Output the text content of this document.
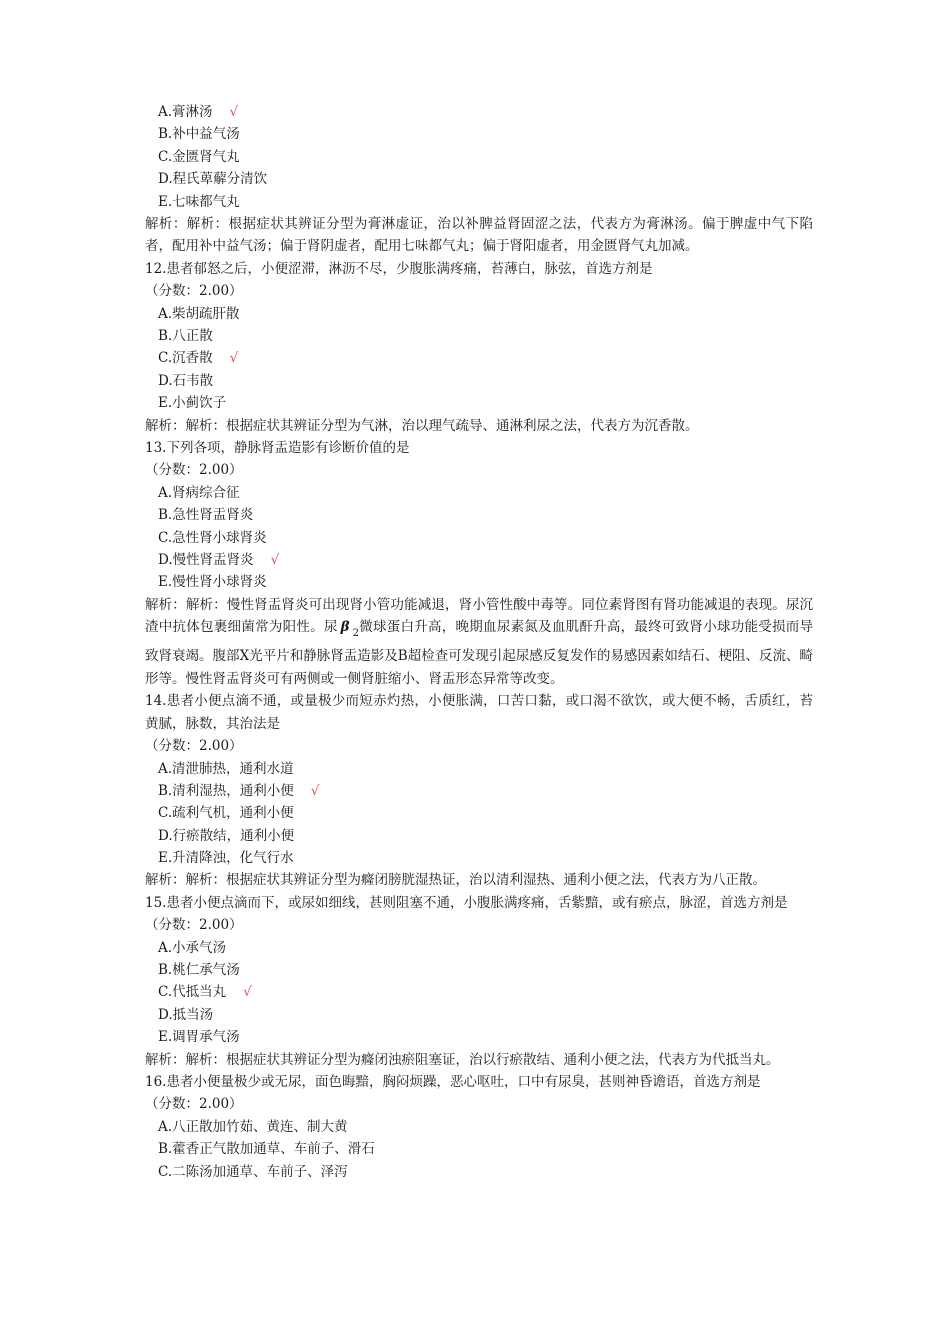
A.膏淋汤 √
B.补中益气汤
C.金匮肾气丸
D.程氏萆薢分清饮
E.七味都气丸
解析：解析：根据症状其辨证分型为膏淋虚证，治以补脾益肾固涩之法，代表方为膏淋汤。偏于脾虚中气下陷者，配用补中益气汤；偏于肾阴虚者，配用七味都气丸；偏于肾阳虚者，用金匮肾气丸加减。
12.患者郁怒之后，小便涩滞，淋沥不尽，少腹胀满疼痛，苔薄白，脉弦，首选方剂是
（分数：2.00）
A.柴胡疏肝散
B.八正散
C.沉香散 √
D.石韦散
E.小蓟饮子
解析：解析：根据症状其辨证分型为气淋，治以理气疏导、通淋利尿之法，代表方为沉香散。
13.下列各项，静脉肾盂造影有诊断价值的是
（分数：2.00）
A.肾病综合征
B.急性肾盂肾炎
C.急性肾小球肾炎
D.慢性肾盂肾炎 √
E.慢性肾小球肾炎
解析：解析：慢性肾盂肾炎可出现肾小管功能减退，肾小管性酸中毒等。同位素肾图有肾功能减退的表现。尿沉渣中抗体包裹细菌常为阳性。尿 β $_2$微球蛋白升高，晚期血尿素氮及血肌酐升高，最终可致肾小球功能受损而导致肾衰竭。腹部X光平片和静脉肾盂造影及B超检查可发现引起尿感反复发作的易感因素如结石、梗阻、反流、畸形等。慢性肾盂肾炎可有两侧或一侧肾脏缩小、肾盂形态异常等改变。
14.患者小便点滴不通，或量极少而短赤灼热，小便胀满，口苦口黏，或口渴不欲饮，或大便不畅，舌质红，苔黄腻，脉数，其治法是
（分数：2.00）
A.清泄肺热，通利水道
B.清利湿热，通利小便 √
C.疏利气机，通利小便
D.行瘀散结，通利小便
E.升清降浊，化气行水
解析：解析：根据症状其辨证分型为癃闭膀胱湿热证，治以清利湿热、通利小便之法，代表方为八正散。
15.患者小便点滴而下，或尿如细线，甚则阻塞不通，小腹胀满疼痛，舌紫黯，或有瘀点，脉涩，首选方剂是
（分数：2.00）
A.小承气汤
B.桃仁承气汤
C.代抵当丸 √
D.抵当汤
E.调胃承气汤
解析：解析：根据症状其辨证分型为癃闭浊瘀阻塞证，治以行瘀散结、通利小便之法，代表方为代抵当丸。
16.患者小便量极少或无尿，面色晦黯，胸闷烦躁，恶心呕吐，口中有尿臭，甚则神昏谵语，首选方剂是
（分数：2.00）
A.八正散加竹茹、黄连、制大黄
B.藿香正气散加通草、车前子、滑石
C.二陈汤加通草、车前子、泽泻
